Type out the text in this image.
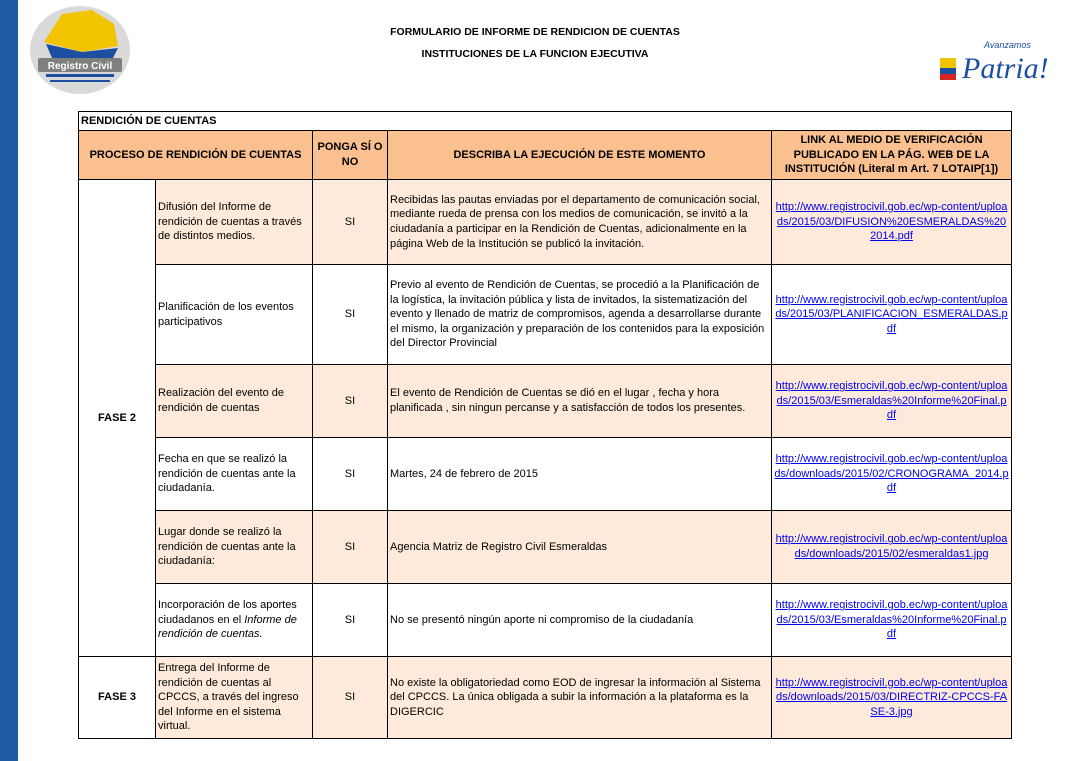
Registro Civil
Avanzamos
Patria!
FORMULARIO DE INFORME DE RENDICION DE CUENTAS
INSTITUCIONES DE LA FUNCION EJECUTIVA
RENDICIÓN DE CUENTAS				
PROCESO DE RENDICIÓN DE CUENTAS		PONGA SÍ O NO	DESCRIBA LA EJECUCIÓN DE ESTE MOMENTO	LINK AL MEDIO DE VERIFICACIÓN PUBLICADO EN LA PÁG. WEB DE LA INSTITUCIÓN (Literal m Art. 7 LOTAIP[1])
FASE 2	Difusión del Informe de rendición de cuentas a través de distintos medios.	SI	Recibidas las pautas enviadas por el departamento de comunicación social, mediante rueda de prensa con los medios de comunicación, se invitó a la ciudadanía a participar en la Rendición de Cuentas, adicionalmente en la página Web de la Institución se publicó la invitación.	http://www.registrocivil.gob.ec/wp-content/uploads/2015/03/DIFUSION%20ESMERALDAS%202014.pdf
	Planificación de los eventos participativos	SI	Previo al evento de Rendición de Cuentas, se procedió a la Planificación de la logística, la invitación pública y lista de invitados, la sistematización del evento y llenado de matriz de compromisos, agenda a desarrollarse durante el mismo, la organización y preparación de los contenidos para la exposición del Director Provincial	http://www.registrocivil.gob.ec/wp-content/uploads/2015/03/PLANIFICACION_ESMERALDAS.pdf
	Realización del evento de rendición de cuentas	SI	El evento de Rendición de Cuentas se dió en el lugar , fecha y hora planificada , sin ningun percanse y a satisfacción de todos los presentes.	http://www.registrocivil.gob.ec/wp-content/uploads/2015/03/Esmeraldas%20Informe%20Final.pdf
	Fecha en que se realizó la rendición de cuentas ante la ciudadanía.	SI	Martes, 24 de febrero de 2015	http://www.registrocivil.gob.ec/wp-content/uploads/downloads/2015/02/CRONOGRAMA_2014.pdf
	Lugar donde se realizó la rendición de cuentas ante la ciudadanía:	SI	Agencia Matriz de Registro Civil Esmeraldas	http://www.registrocivil.gob.ec/wp-content/uploads/downloads/2015/02/esmeraldas1.jpg
	Incorporación de los aportes ciudadanos en el Informe de rendición de cuentas.	SI	No se presentó ningún aporte ni compromiso de la ciudadanía	http://www.registrocivil.gob.ec/wp-content/uploads/2015/03/Esmeraldas%20Informe%20Final.pdf
FASE 3	Entrega del Informe de rendición de cuentas al CPCCS, a través del ingreso del Informe en el sistema virtual.	SI	No existe la obligatoriedad como EOD de ingresar la información al Sistema del CPCCS. La única obligada a subir la información a la plataforma es la DIGERCIC	http://www.registrocivil.gob.ec/wp-content/uploads/downloads/2015/03/DIRECTRIZ-CPCCS-FASE-3.jpg
